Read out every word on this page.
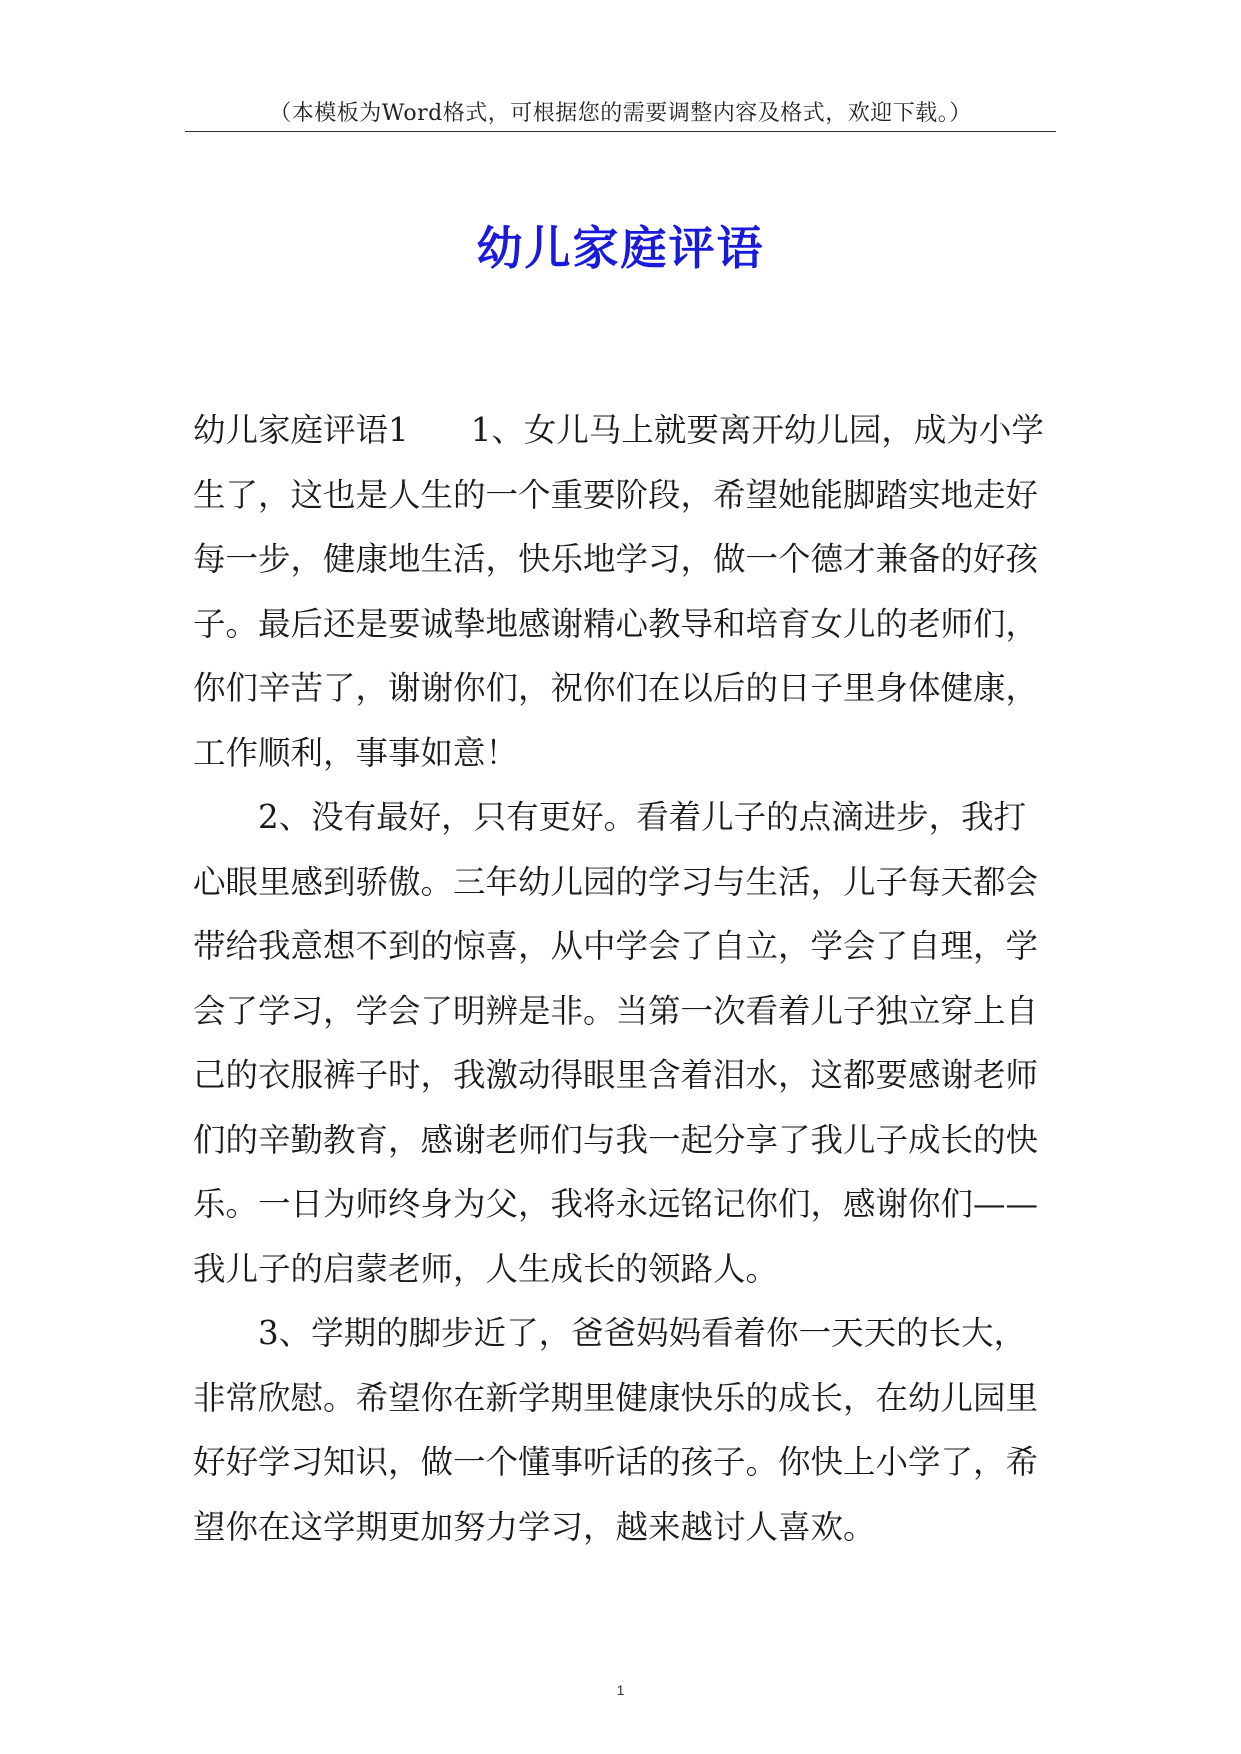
（本模板为Word格式，可根据您的需要调整内容及格式，欢迎下载。）
幼儿家庭评语

幼儿家庭评语1 1、女儿马上就要离开幼儿园，成为小学生了，这也是人生的一个重要阶段，希望她能脚踏实地走好每一步，健康地生活，快乐地学习，做一个德才兼备的好孩子。最后还是要诚挚地感谢精心教导和培育女儿的老师们，你们辛苦了，谢谢你们，祝你们在以后的日子里身体健康，工作顺利，事事如意！

2、没有最好，只有更好。看着儿子的点滴进步，我打心眼里感到骄傲。三年幼儿园的学习与生活，儿子每天都会带给我意想不到的惊喜，从中学会了自立，学会了自理，学会了学习，学会了明辨是非。当第一次看着儿子独立穿上自己的衣服裤子时，我激动得眼里含着泪水，这都要感谢老师们的辛勤教育，感谢老师们与我一起分享了我儿子成长的快乐。一日为师终身为父，我将永远铭记你们，感谢你们——我儿子的启蒙老师，人生成长的领路人。

3、学期的脚步近了，爸爸妈妈看着你一天天的长大，非常欣慰。希望你在新学期里健康快乐的成长，在幼儿园里好好学习知识，做一个懂事听话的孩子。你快上小学了，希望你在这学期更加努力学习，越来越讨人喜欢。

1
